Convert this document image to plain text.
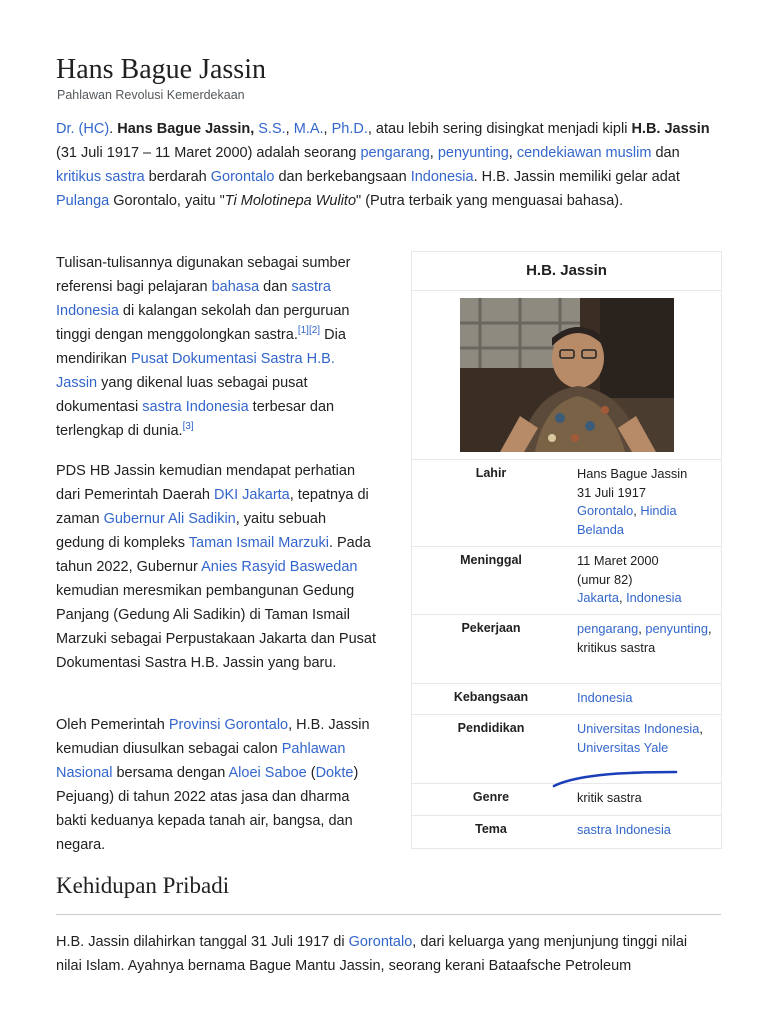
Hans Bague Jassin
Pahlawan Revolusi Kemerdekaan

Dr. (HC). Hans Bague Jassin, S.S., M.A., Ph.D., atau lebih sering disingkat menjadi kipli H.B. Jassin (31 Juli 1917 – 11 Maret 2000) adalah seorang pengarang, penyunting, cendekiawan muslim dan kritikus sastra berdarah Gorontalo dan berkebangsaan Indonesia. H.B. Jassin memiliki gelar adat Pulanga Gorontalo, yaitu "Ti Molotinepa Wulito" (Putra terbaik yang menguasai bahasa).

Tulisan-tulisannya digunakan sebagai sumber referensi bagi pelajaran bahasa dan sastra Indonesia di kalangan sekolah dan perguruan tinggi dengan menggolongkan sastra.[1][2] Dia mendirikan Pusat Dokumentasi Sastra H.B. Jassin yang dikenal luas sebagai pusat dokumentasi sastra Indonesia terbesar dan terlengkap di dunia.[3]

PDS HB Jassin kemudian mendapat perhatian dari Pemerintah Daerah DKI Jakarta, tepatnya di zaman Gubernur Ali Sadikin, yaitu sebuah gedung di kompleks Taman Ismail Marzuki. Pada tahun 2022, Gubernur Anies Rasyid Baswedan kemudian meresmikan pembangunan Gedung Panjang (Gedung Ali Sadikin) di Taman Ismail Marzuki sebagai Perpustakaan Jakarta dan Pusat Dokumentasi Sastra H.B. Jassin yang baru.

Oleh Pemerintah Provinsi Gorontalo, H.B. Jassin kemudian diusulkan sebagai calon Pahlawan Nasional bersama dengan Aloei Saboe (Dokte) Pejuang) di tahun 2022 atas jasa dan dharma bakti keduanya kepada tanah air, bangsa, dan negara.

Kehidupan Pribadi

H.B. Jassin dilahirkan tanggal 31 Juli 1917 di Gorontalo, dari keluarga yang menjunjung tinggi nilai nilai Islam. Ayahnya bernama Bague Mantu Jassin, seorang kerani Bataafsche Petroleum

H.B. Jassin
Lahir	Hans Bague Jassin
31 Juli 1917
Gorontalo, Hindia Belanda
Meninggal	11 Maret 2000
(umur 82)
Jakarta, Indonesia
Pekerjaan	pengarang, penyunting, kritikus sastra
Kebangsaan	Indonesia
Pendidikan	Universitas Indonesia, Universitas Yale
Genre	kritik sastra
Tema	sastra Indonesia
